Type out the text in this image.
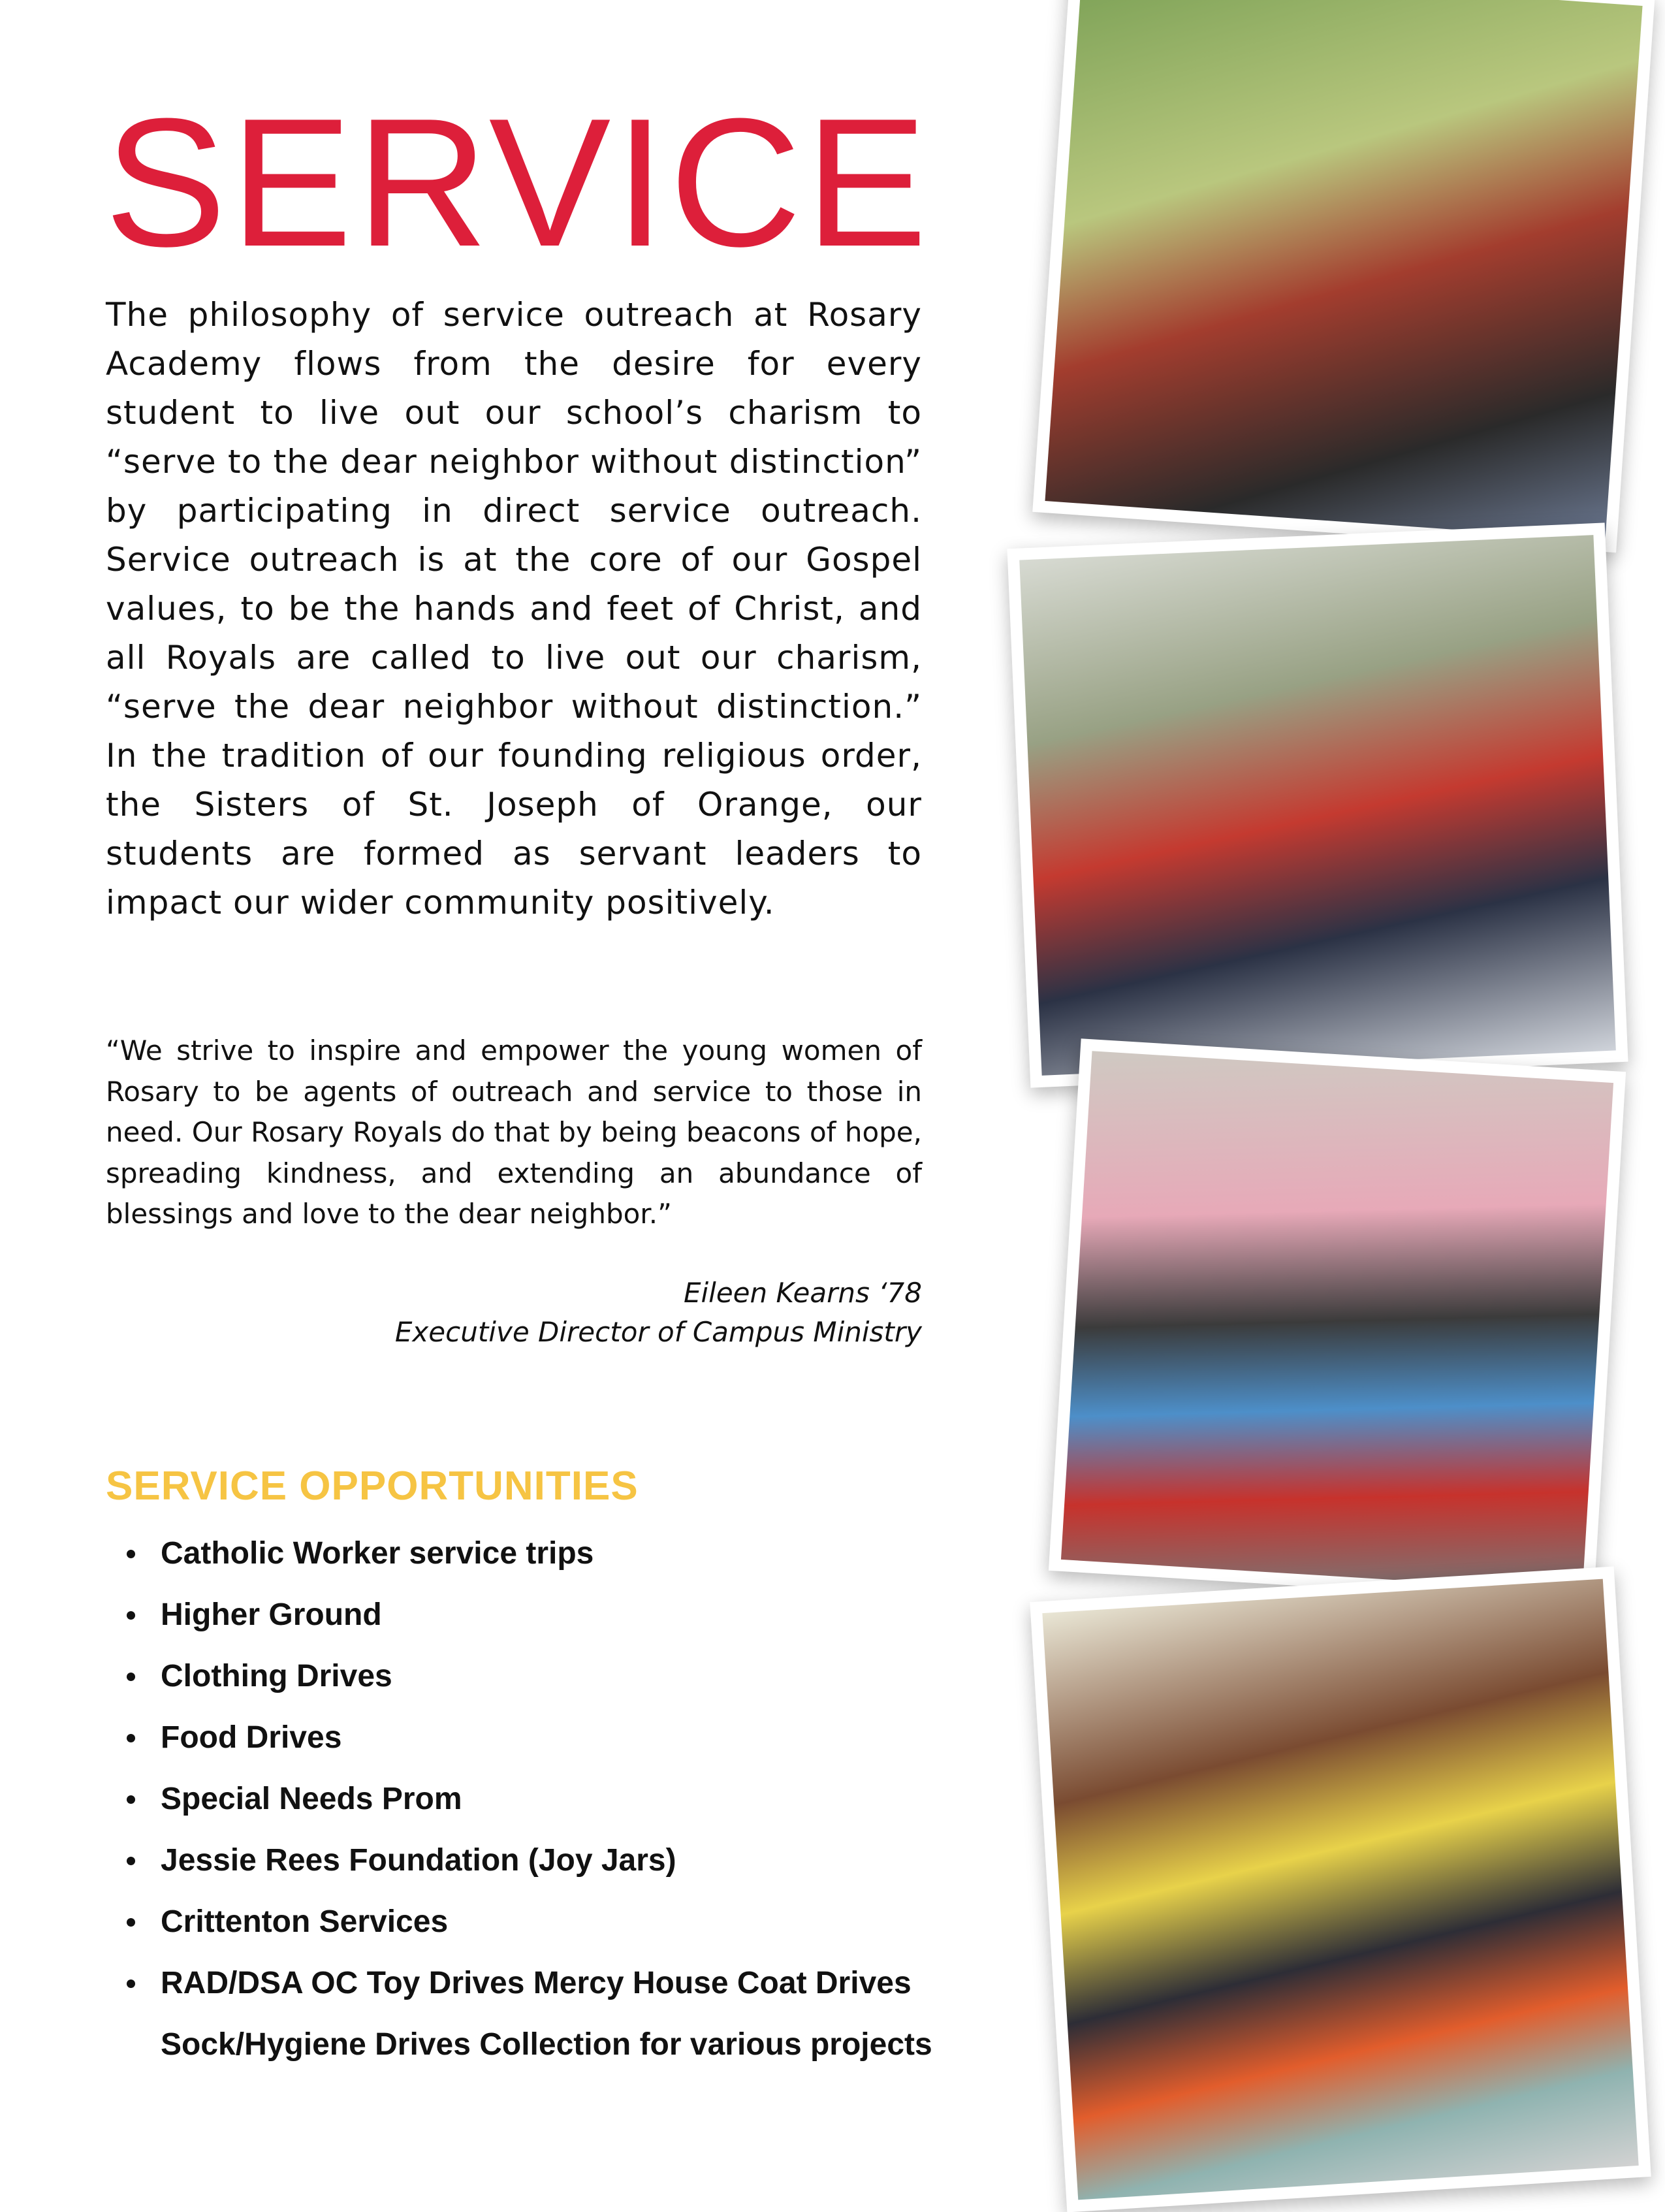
SERVICE

The philosophy of service outreach at Rosary Academy flows from the desire for every student to live out our school’s charism to “serve to the dear neighbor without distinction” by participating in direct service outreach. Service outreach is at the core of our Gospel values, to be the hands and feet of Christ, and all Royals are called to live out our charism, “serve the dear neighbor without distinction.” In the tradition of our founding religious order, the Sisters of St. Joseph of Orange, our students are formed as servant leaders to impact our wider community positively.

“We strive to inspire and empower the young women of Rosary to be agents of outreach and service to those in need. Our Rosary Royals do that by being beacons of hope, spreading kindness, and extending an abundance of blessings and love to the dear neighbor.”

Eileen Kearns ‘78
Executive Director of Campus Ministry
SERVICE OPPORTUNITIES
Catholic Worker service trips
Higher Ground
Clothing Drives
Food Drives
Special Needs Prom
Jessie Rees Foundation (Joy Jars)
Crittenton Services
RAD/DSA OC Toy Drives Mercy House Coat Drives Sock/Hygiene Drives Collection for various projects
